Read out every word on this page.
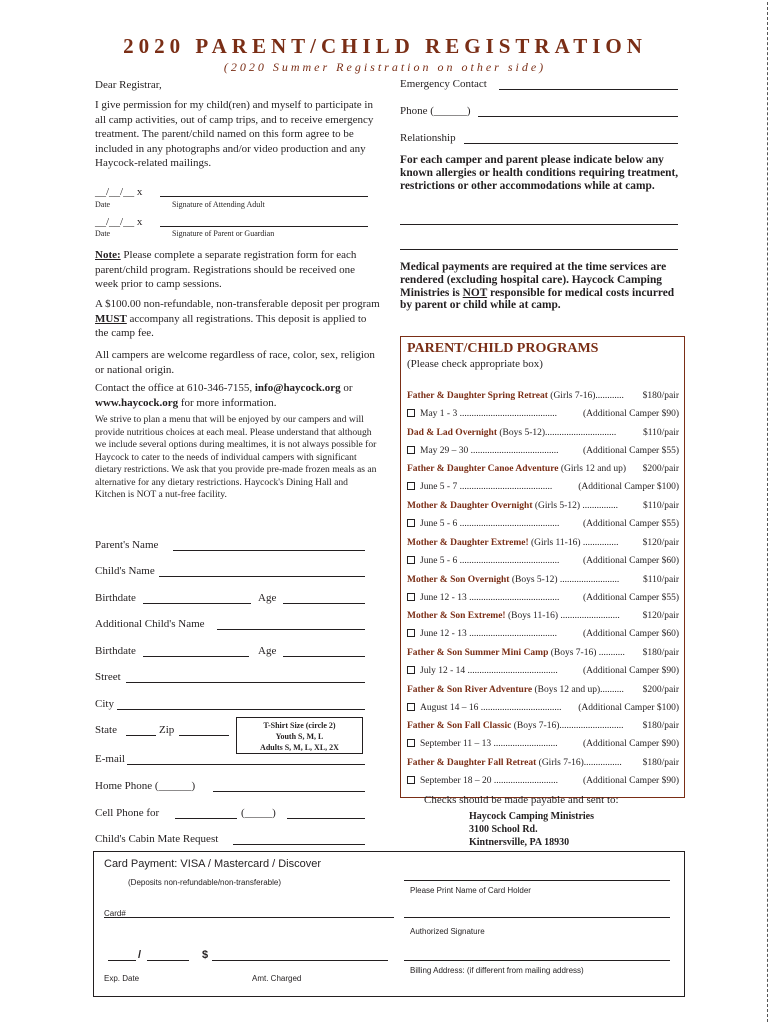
2020 PARENT/CHILD REGISTRATION
(2020 Summer Registration on other side)
Dear Registrar,
I give permission for my child(ren) and myself to participate in all camp activities, out of camp trips, and to receive emergency treatment. The parent/child named on this form agree to be included in any photographs and/or video production and any Haycock-related mailings.
__/__/__ x
Date	Signature of Attending Adult
__/__/__ x
Date	Signature of Parent or Guardian
Note: Please complete a separate registration form for each parent/child program. Registrations should be received one week prior to camp sessions.
A $100.00 non-refundable, non-transferable deposit per program MUST accompany all registrations. This deposit is applied to the camp fee.
All campers are welcome regardless of race, color, sex, religion or national origin.
Contact the office at 610-346-7155, info@haycock.org or www.haycock.org for more information.
We strive to plan a menu that will be enjoyed by our campers and will provide nutritious choices at each meal. Please understand that although we include several options during mealtimes, it is not always possible for Haycock to cater to the needs of individual campers with significant dietary restrictions. We ask that you provide pre-made frozen meals as an alternative for any dietary restrictions. Haycock's Dining Hall and Kitchen is NOT a nut-free facility.
Parent's Name
Child's Name
Birthdate	Age
Additional Child's Name
Birthdate	Age
Street
City
State	Zip	T-Shirt Size (circle 2)
Youth S, M, L
Adults S, M, L, XL, 2X
E-mail
Home Phone (______)
Cell Phone for	(_____)
Child's Cabin Mate Request
Emergency Contact
Phone (______)
Relationship
For each camper and parent please indicate below any known allergies or health conditions requiring treatment, restrictions or other accommodations while at camp.
Medical payments are required at the time services are rendered (excluding hospital care). Haycock Camping Ministries is NOT responsible for medical costs incurred by parent or child while at camp.
PARENT/CHILD PROGRAMS
(Please check appropriate box)
Father & Daughter Spring Retreat (Girls 7-16)............ $180/pair
May 1 - 3 .........................................	(Additional Camper $90)
Dad & Lad Overnight (Boys 5-12)..............................	$110/pair
May 29 – 30 .....................................	(Additional Camper $55)
Father & Daughter Canoe Adventure (Girls 12 and up) $200/pair
June 5 - 7 .......................................	(Additional Camper $100)
Mother & Daughter Overnight (Girls 5-12) ...............	$110/pair
June 5 - 6 .......................................... (Additional Camper $55)
Mother & Daughter Extreme! (Girls 11-16) ...............	$120/pair
June 5 - 6 .......................................... (Additional Camper $60)
Mother & Son Overnight (Boys 5-12) ......................... $110/pair
June 12 - 13 ...................................... (Additional Camper $55)
Mother & Son Extreme! (Boys 11-16) ......................... $120/pair
June 12 - 13 .....................................	(Additional Camper $60)
Father & Son Summer Mini Camp (Boys 7-16) ........... $180/pair
July 12 - 14 ......................................	(Additional Camper $90)
Father & Son River Adventure (Boys 12 and up).......... $200/pair
August 14 – 16 .................................. (Additional Camper $100)
Father & Son Fall Classic (Boys 7-16)........................... $180/pair
September 11 – 13 ...........................	(Additional Camper $90)
Father & Daughter Fall Retreat (Girls 7-16)................ $180/pair
September 18 – 20 ...........................	(Additional Camper $90)
Checks should be made payable and sent to:
Haycock Camping Ministries
3100 School Rd.
Kintnersville, PA 18930
Card Payment: VISA / Mastercard / Discover
(Deposits non-refundable/non-transferable)
Please Print Name of Card Holder
Card#
Authorized Signature
/	$
Billing Address: (if different from mailing address)
Exp. Date	Amt. Charged
